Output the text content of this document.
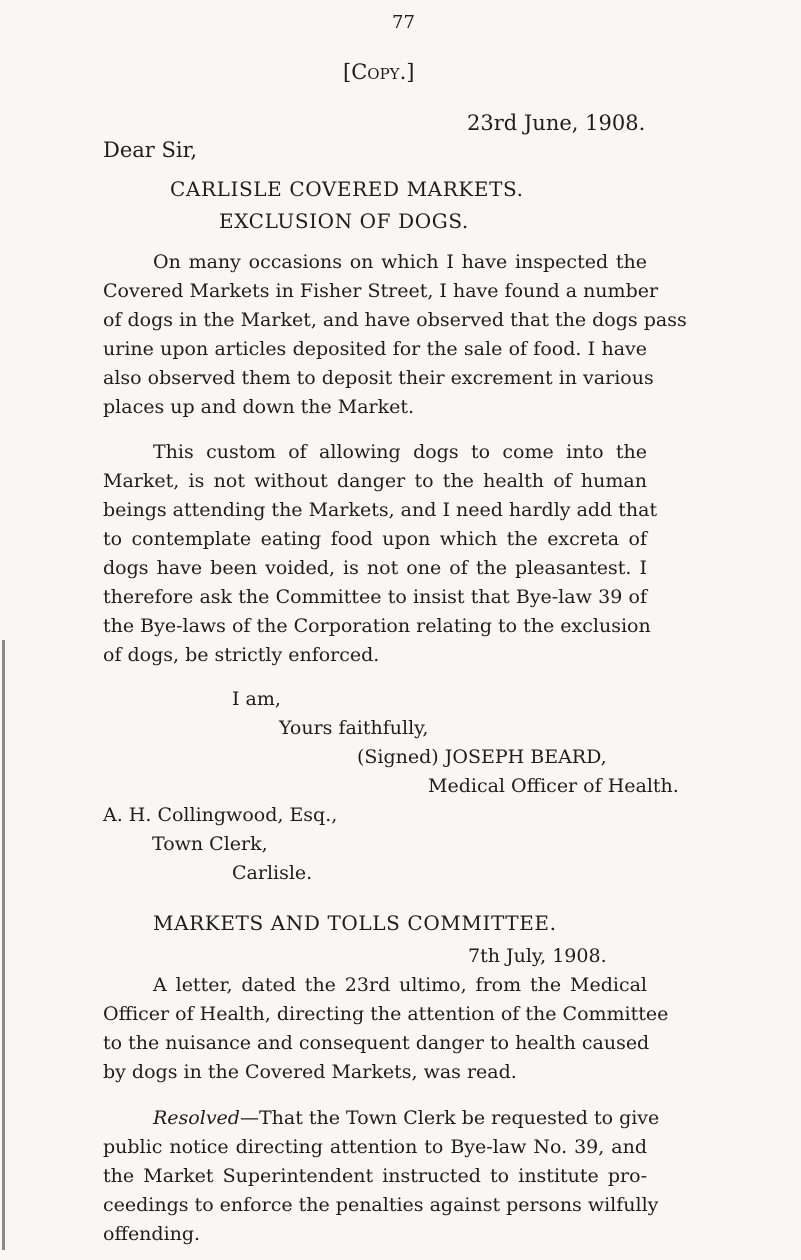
77
[Copy.]
23rd June, 1908.
Dear Sir,
CARLISLE COVERED MARKETS.
EXCLUSION OF DOGS.
On many occasions on which I have inspected the
Covered Markets in Fisher Street, I have found a number
of dogs in the Market, and have observed that the dogs pass
urine upon articles deposited for the sale of food. I have
also observed them to deposit their excrement in various
places up and down the Market.
This custom of allowing dogs to come into the
Market, is not without danger to the health of human
beings attending the Markets, and I need hardly add that
to contemplate eating food upon which the excreta of
dogs have been voided, is not one of the pleasantest. I
therefore ask the Committee to insist that Bye-law 39 of
the Bye-laws of the Corporation relating to the exclusion
of dogs, be strictly enforced.
I am,
Yours faithfully,
(Signed) JOSEPH BEARD,
Medical Officer of Health.
A. H. Collingwood, Esq.,
Town Clerk,
Carlisle.
MARKETS AND TOLLS COMMITTEE.
7th July, 1908.
A letter, dated the 23rd ultimo, from the Medical
Officer of Health, directing the attention of the Committee
to the nuisance and consequent danger to health caused
by dogs in the Covered Markets, was read.
Resolved—That the Town Clerk be requested to give
public notice directing attention to Bye-law No. 39, and
the Market Superintendent instructed to institute pro-
ceedings to enforce the penalties against persons wilfully
offending.
